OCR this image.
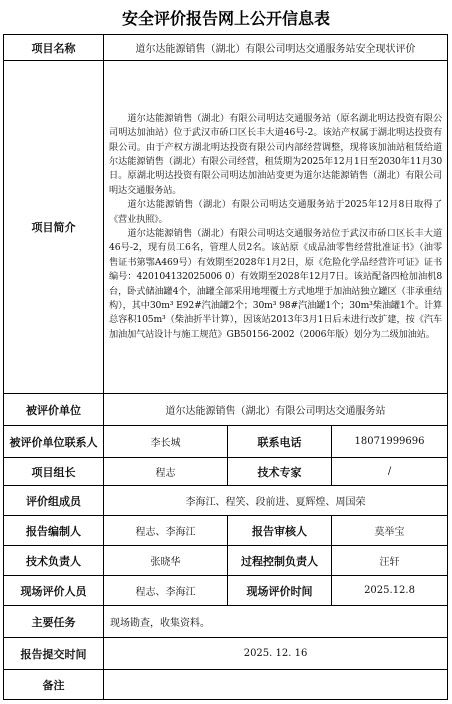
安全评价报告网上公开信息表
项目名称	道尔达能源销售（湖北）有限公司明达交通服务站安全现状评价		
项目简介	道尔达能源销售（湖北）有限公司明达交通服务站（原名湖北明达投资有限公司明达加油站）位于武汉市硚口区长丰大道46号-2。该站产权属于湖北明达投资有限公司。由于产权方湖北明达投资有限公司内部经营调整，现将该加油站租赁给道尔达能源销售（湖北）有限公司经营，租赁期为2025年12月1日至2030年11月30日。原湖北明达投资有限公司明达加油站变更为道尔达能源销售（湖北）有限公司明达交通服务站。

道尔达能源销售（湖北）有限公司明达交通服务站于2025年12月8日取得了《营业执照》。

道尔达能源销售（湖北）有限公司明达交通服务站位于武汉市硚口区长丰大道46号-2，现有员工6名，管理人员2名。该站原《成品油零售经营批准证书》（油零售证书第鄂A469号）有效期至2028年1月2日，原《危险化学品经营许可证》证书编号：420104132025006 0）有效期至2028年12月7日。该站配备四枪加油机8台，卧式储油罐4个，油罐全部采用地埋覆土方式地埋于加油站独立罐区（非承重结构），其中30m³ E92#汽油罐2个；30m³ 98#汽油罐1个；30m³柴油罐1个。计算总容积105m³（柴油折半计算），因该站2013年3月1日后未进行改扩建，按《汽车加油加气站设计与施工规范》GB50156-2002（2006年版）划分为二级加油站。		

被评价单位	道尔达能源销售（湖北）有限公司明达交通服务站		
被评价单位联系人	李长城	联系电话	18071999696
项目组长	程志	技术专家	/
评价组成员	李海江、程笑、段前进、夏辉煌、周国荣		
报告编制人	程志、李海江	报告审核人	莫举宝
技术负责人	张晓华	过程控制负责人	汪轩
现场评价人员	程志、李海江	现场评价时间	2025.12.8
主要任务	现场勘查，收集资料。		
报告提交时间	2025. 12. 16		
备注			
